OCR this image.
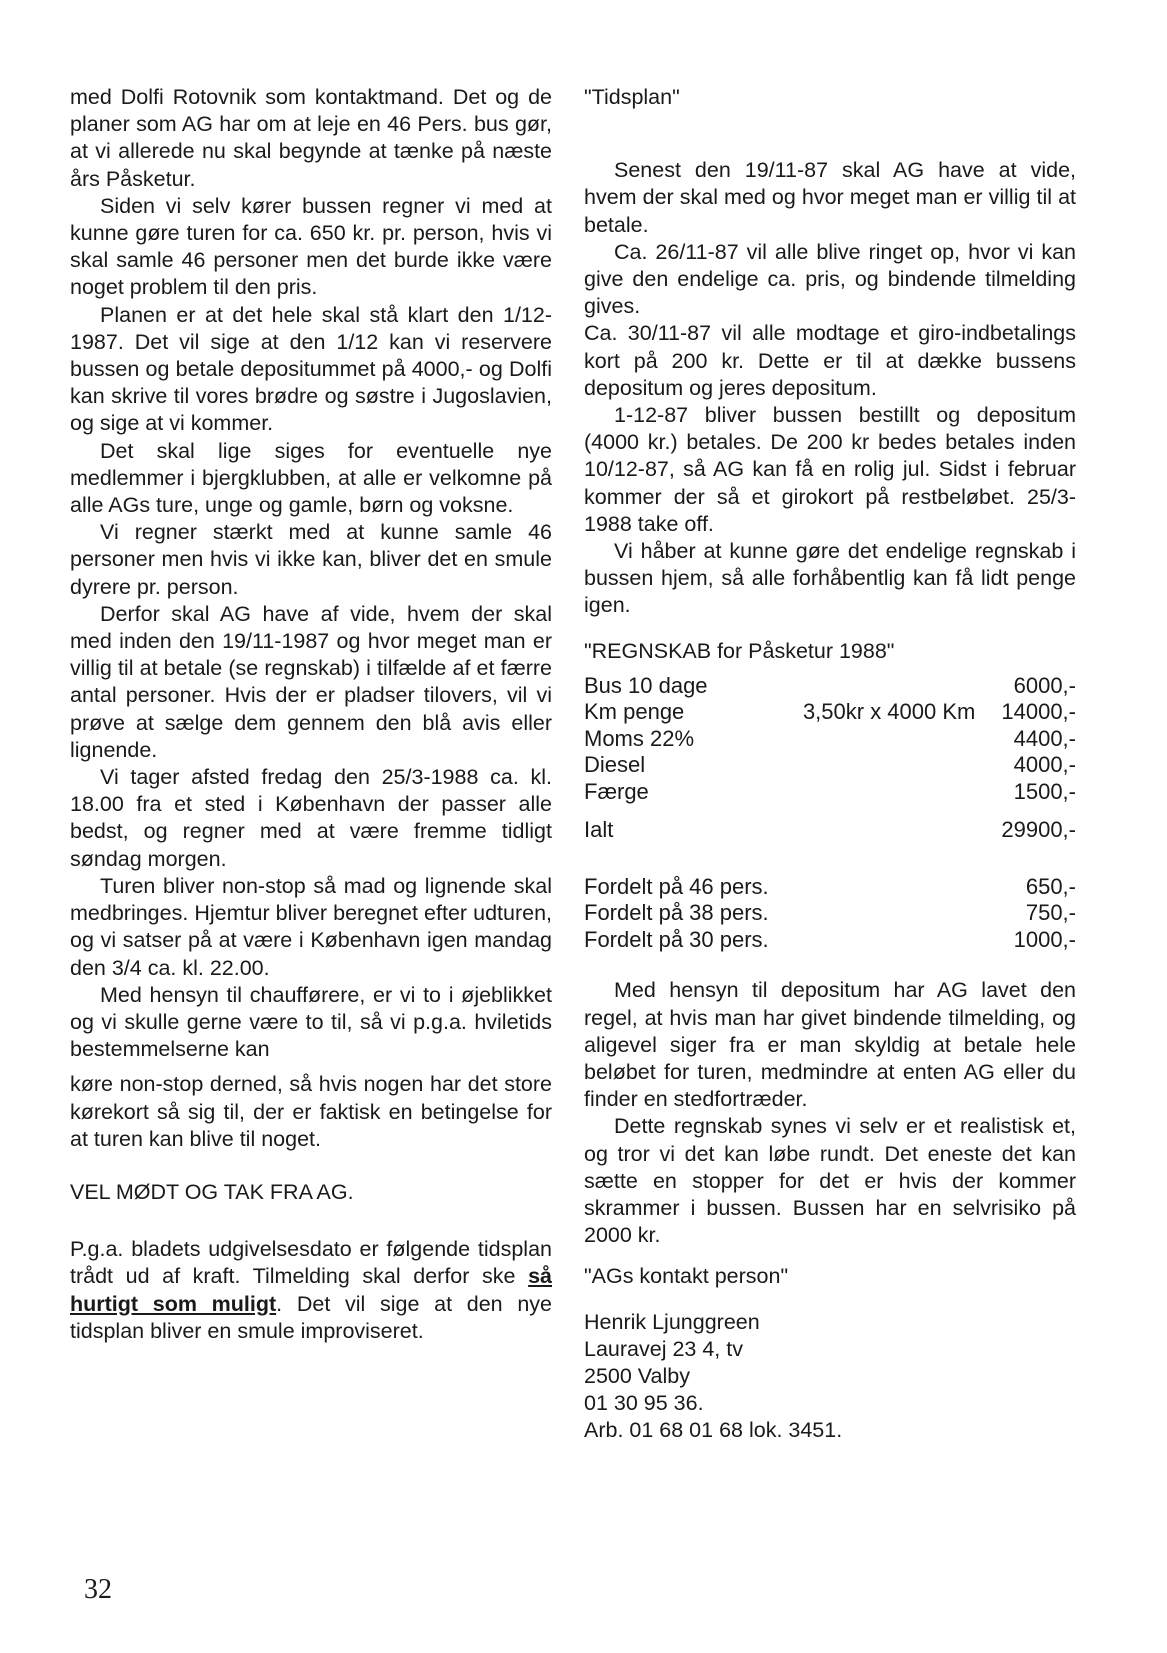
med Dolfi Rotovnik som kontaktmand. Det og de planer som AG har om at leje en 46 Pers. bus gør, at vi allerede nu skal begynde at tænke på næste års Påsketur.

Siden vi selv kører bussen regner vi med at kunne gøre turen for ca. 650 kr. pr. person, hvis vi skal samle 46 personer men det burde ikke være noget problem til den pris.

Planen er at det hele skal stå klart den 1/12-1987. Det vil sige at den 1/12 kan vi reservere bussen og betale depositummet på 4000,- og Dolfi kan skrive til vores brødre og søstre i Jugoslavien, og sige at vi kommer.

Det skal lige siges for eventuelle nye medlemmer i bjergklubben, at alle er velkomne på alle AGs ture, unge og gamle, børn og voksne.

Vi regner stærkt med at kunne samle 46 personer men hvis vi ikke kan, bliver det en smule dyrere pr. person.

Derfor skal AG have af vide, hvem der skal med inden den 19/11-1987 og hvor meget man er villig til at betale (se regnskab) i tilfælde af et færre antal personer. Hvis der er pladser tilovers, vil vi prøve at sælge dem gennem den blå avis eller lignende.

Vi tager afsted fredag den 25/3-1988 ca. kl. 18.00 fra et sted i København der passer alle bedst, og regner med at være fremme tidligt søndag morgen.

Turen bliver non-stop så mad og lignende skal medbringes. Hjemtur bliver beregnet efter udturen, og vi satser på at være i København igen mandag den 3/4 ca. kl. 22.00.

Med hensyn til chaufførere, er vi to i øjeblikket og vi skulle gerne være to til, så vi p.g.a. hviletids bestemmelserne kan

køre non-stop derned, så hvis nogen har det store kørekort så sig til, der er faktisk en betingelse for at turen kan blive til noget.

VEL MØDT OG TAK FRA AG.

P.g.a. bladets udgivelsesdato er følgende tidsplan trådt ud af kraft. Tilmelding skal derfor ske så hurtigt som muligt. Det vil sige at den nye tidsplan bliver en smule improviseret.

"Tidsplan"

Senest den 19/11-87 skal AG have at vide, hvem der skal med og hvor meget man er villig til at betale.

Ca. 26/11-87 vil alle blive ringet op, hvor vi kan give den endelige ca. pris, og bindende tilmelding gives.

Ca. 30/11-87 vil alle modtage et giro-indbetalings kort på 200 kr. Dette er til at dække bussens depositum og jeres depositum.

1-12-87 bliver bussen bestillt og depositum (4000 kr.) betales. De 200 kr bedes betales inden 10/12-87, så AG kan få en rolig jul. Sidst i februar kommer der så et girokort på restbeløbet. 25/3-1988 take off.

Vi håber at kunne gøre det endelige regnskab i bussen hjem, så alle forhåbentlig kan få lidt penge igen.

"REGNSKAB for Påsketur 1988"

Bus 10 dage	6000,-
Km penge	3,50kr x 4000 Km	14000,-
Moms 22%	4400,-
Diesel	4000,-
Færge	1500,-
Ialt	29900,-
Fordelt på 46 pers.	650,-
Fordelt på 38 pers.	750,-
Fordelt på 30 pers.	1000,-

Med hensyn til depositum har AG lavet den regel, at hvis man har givet bindende tilmelding, og aligevel siger fra er man skyldig at betale hele beløbet for turen, medmindre at enten AG eller du finder en stedfortræder.

Dette regnskab synes vi selv er et realistisk et, og tror vi det kan løbe rundt. Det eneste det kan sætte en stopper for det er hvis der kommer skrammer i bussen. Bussen har en selvrisiko på 2000 kr.

"AGs kontakt person"

Henrik Ljunggreen

Lauravej 23 4, tv

2500 Valby

01 30 95 36.

Arb. 01 68 01 68 lok. 3451.

32
